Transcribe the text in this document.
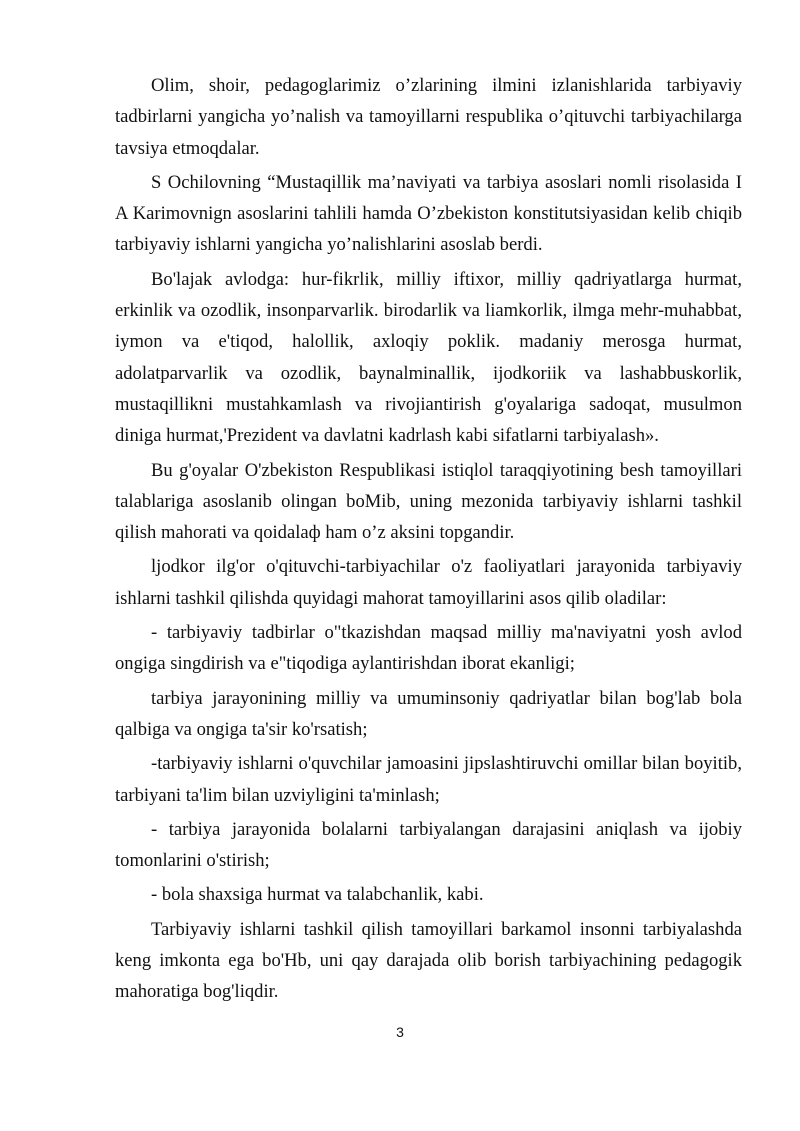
Olim, shoir, pedagoglarimiz o’zlarining ilmini izlanishlarida tarbiyaviy tadbirlarni yangicha yo’nalish va tamoyillarni respublika o’qituvchi tarbiyachilarga tavsiya etmoqdalar.

S Ochilovning “Mustaqillik ma’naviyati va tarbiya asoslari nomli risolasida I A Karimovnign asoslarini tahlili hamda O’zbekiston konstitutsiyasidan kelib chiqib tarbiyaviy ishlarni yangicha yo’nalishlarini asoslab berdi.

Bo'lajak avlodga: hur-fikrlik, milliy iftixor, milliy qadriyatlarga hurmat, erkinlik va ozodlik, insonparvarlik. birodarlik va liamkorlik, ilmga mehr-muhabbat, iymon va e'tiqod, halollik, axloqiy poklik. madaniy merosga hurmat, adolatparvarlik va ozodlik, baynalminallik, ijodkoriik va lashabbuskorlik, mustaqillikni mustahkamlash va rivojiantirish g'oyalariga sadoqat, musulmon diniga hurmat,'Prezident va davlatni kadrlash kabi sifatlarni tarbiyalash».

Bu g'oyalar O'zbekiston Respublikasi istiqlol taraqqiyotining besh tamoyillari talablariga asoslanib olingan boMib, uning mezonida tarbiyaviy ishlarni tashkil qilish mahorati va qoidalaф ham o’z aksini topgandir.

ljodkor ilg'or o'qituvchi-tarbiyachilar o'z faoliyatlari jarayonida tarbiyaviy ishlarni tashkil qilishda quyidagi mahorat tamoyillarini asos qilib oladilar:

- tarbiyaviy tadbirlar o"tkazishdan maqsad milliy ma'naviyatni yosh avlod ongiga singdirish va e"tiqodiga aylantirishdan iborat ekanligi;

tarbiya jarayonining milliy va umuminsoniy qadriyatlar bilan bog'lab bola qalbiga va ongiga ta'sir ko'rsatish;

-tarbiyaviy ishlarni o'quvchilar jamoasini jipslashtiruvchi omillar bilan boyitib, tarbiyani ta'lim bilan uzviyligini ta'minlash;

- tarbiya jarayonida bolalarni tarbiyalangan darajasini aniqlash va ijobiy tomonlarini o'stirish;

- bola shaxsiga hurmat va talabchanlik, kabi.

Tarbiyaviy ishlarni tashkil qilish tamoyillari barkamol insonni tarbiyalashda keng imkonta ega bo'Hb, uni qay darajada olib borish tarbiyachining pedagogik mahoratiga bog'liqdir.

3
